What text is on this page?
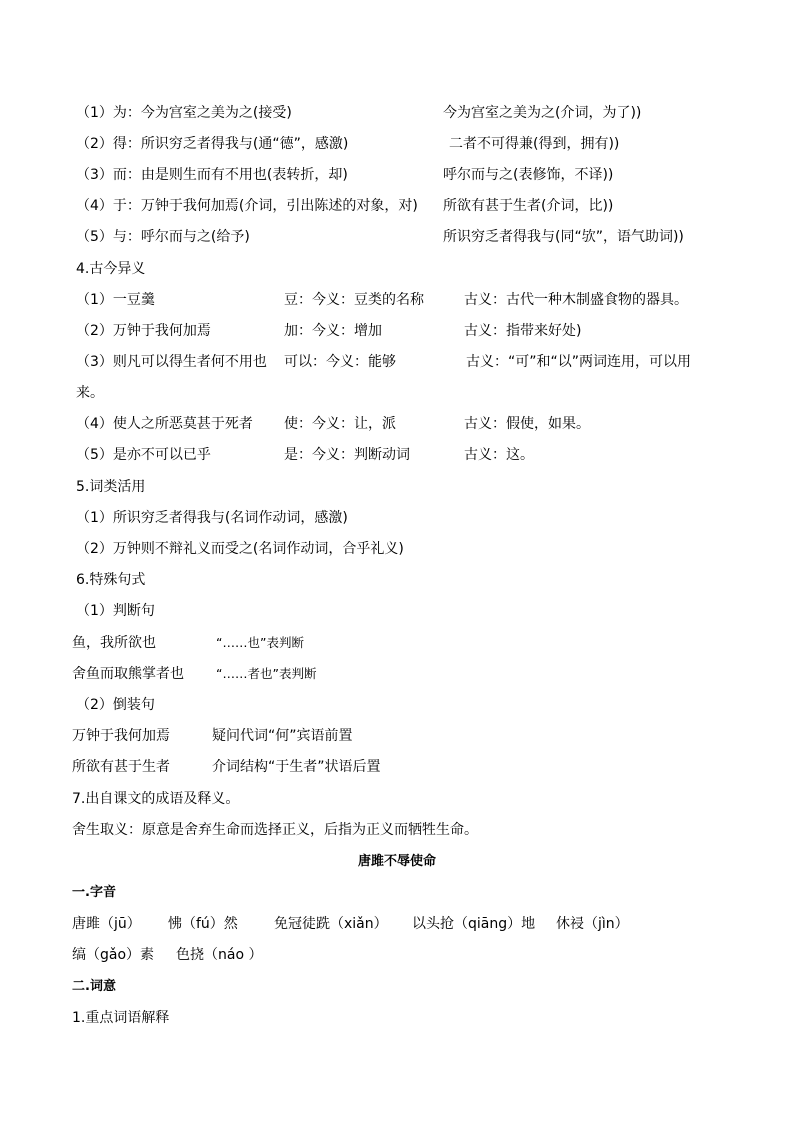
（1）为：今为宫室之美为之(接受)	今为宫室之美为之(介词，为了))
（2）得：所识穷乏者得我与(通“德”，感激)	二者不可得兼(得到，拥有))
（3）而：由是则生而有不用也(表转折，却)	呼尔而与之(表修饰，不译))
（4）于：万钟于我何加焉(介词，引出陈述的对象，对) 所欲有甚于生者(介词，比))
（5）与：呼尔而与之(给予)	所识穷乏者得我与(同“欤”，语气助词))
4.古今异义
（1）一豆羹	豆：今义：豆类的名称	古义：古代一种木制盛食物的器具。
（2）万钟于我何加焉	加：今义：增加	古义：指带来好处)
（3）则凡可以得生者何不用也 可以：今义：能够	古义：“可”和“以”两词连用，可以用
来。
（4）使人之所恶莫甚于死者 使：今义：让，派	古义：假使，如果。
（5）是亦不可以已乎	是：今义：判断动词	古义：这。
5.词类活用
（1）所识穷乏者得我与(名词作动词，感激)
（2）万钟则不辩礼义而受之(名词作动词，合乎礼义)
6.特殊句式
（1）判断句
鱼，我所欲也	“……也”表判断
舍鱼而取熊掌者也	“……者也”表判断
（2）倒装句
万钟于我何加焉	疑问代词“何”宾语前置
所欲有甚于生者	介词结构“于生者”状语后置
7.出自课文的成语及释义。
舍生取义：原意是舍弃生命而选择正义，后指为正义而牺牲生命。
唐雎不辱使命
一.字音
唐雎（jū） 怫（fú）然	免冠徒跣（xiǎn） 以头抢（qiāng）地 休祲（jìn）
缟（gǎo）素 色挠（náo ）
二.词意
1.重点词语解释
